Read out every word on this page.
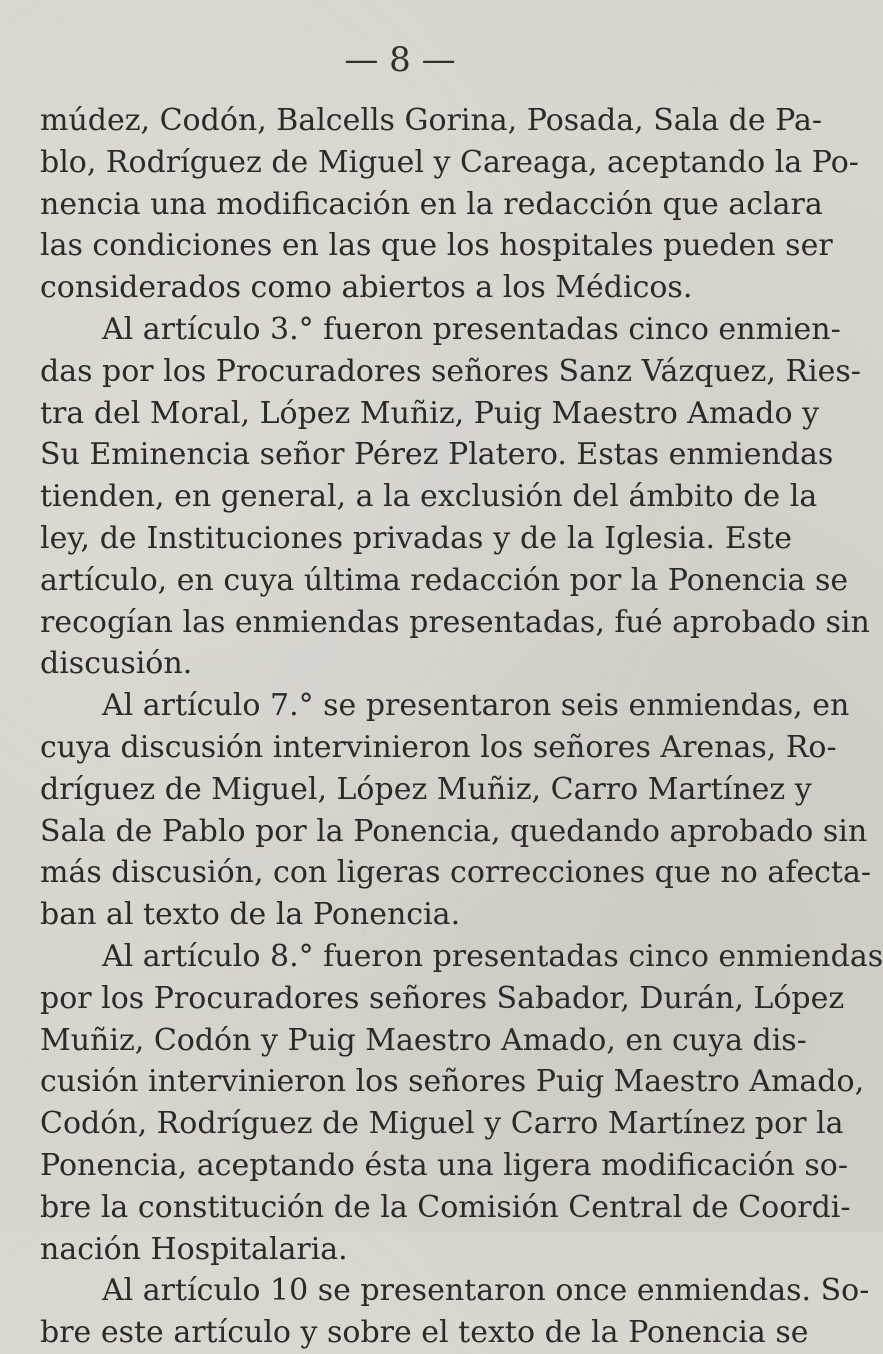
— 8 —
múdez, Codón, Balcells Gorina, Posada, Sala de Pa-
blo, Rodríguez de Miguel y Careaga, aceptando la Po-
nencia una modificación en la redacción que aclara
las condiciones en las que los hospitales pueden ser
considerados como abiertos a los Médicos.
Al artículo 3.° fueron presentadas cinco enmien-
das por los Procuradores señores Sanz Vázquez, Ries-
tra del Moral, López Muñiz, Puig Maestro Amado y
Su Eminencia señor Pérez Platero. Estas enmiendas
tienden, en general, a la exclusión del ámbito de la
ley, de Instituciones privadas y de la Iglesia. Este
artículo, en cuya última redacción por la Ponencia se
recogían las enmiendas presentadas, fué aprobado sin
discusión.
Al artículo 7.° se presentaron seis enmiendas, en
cuya discusión intervinieron los señores Arenas, Ro-
dríguez de Miguel, López Muñiz, Carro Martínez y
Sala de Pablo por la Ponencia, quedando aprobado sin
más discusión, con ligeras correcciones que no afecta-
ban al texto de la Ponencia.
Al artículo 8.° fueron presentadas cinco enmiendas
por los Procuradores señores Sabador, Durán, López
Muñiz, Codón y Puig Maestro Amado, en cuya dis-
cusión intervinieron los señores Puig Maestro Amado,
Codón, Rodríguez de Miguel y Carro Martínez por la
Ponencia, aceptando ésta una ligera modificación so-
bre la constitución de la Comisión Central de Coordi-
nación Hospitalaria.
Al artículo 10 se presentaron once enmiendas. So-
bre este artículo y sobre el texto de la Ponencia se
